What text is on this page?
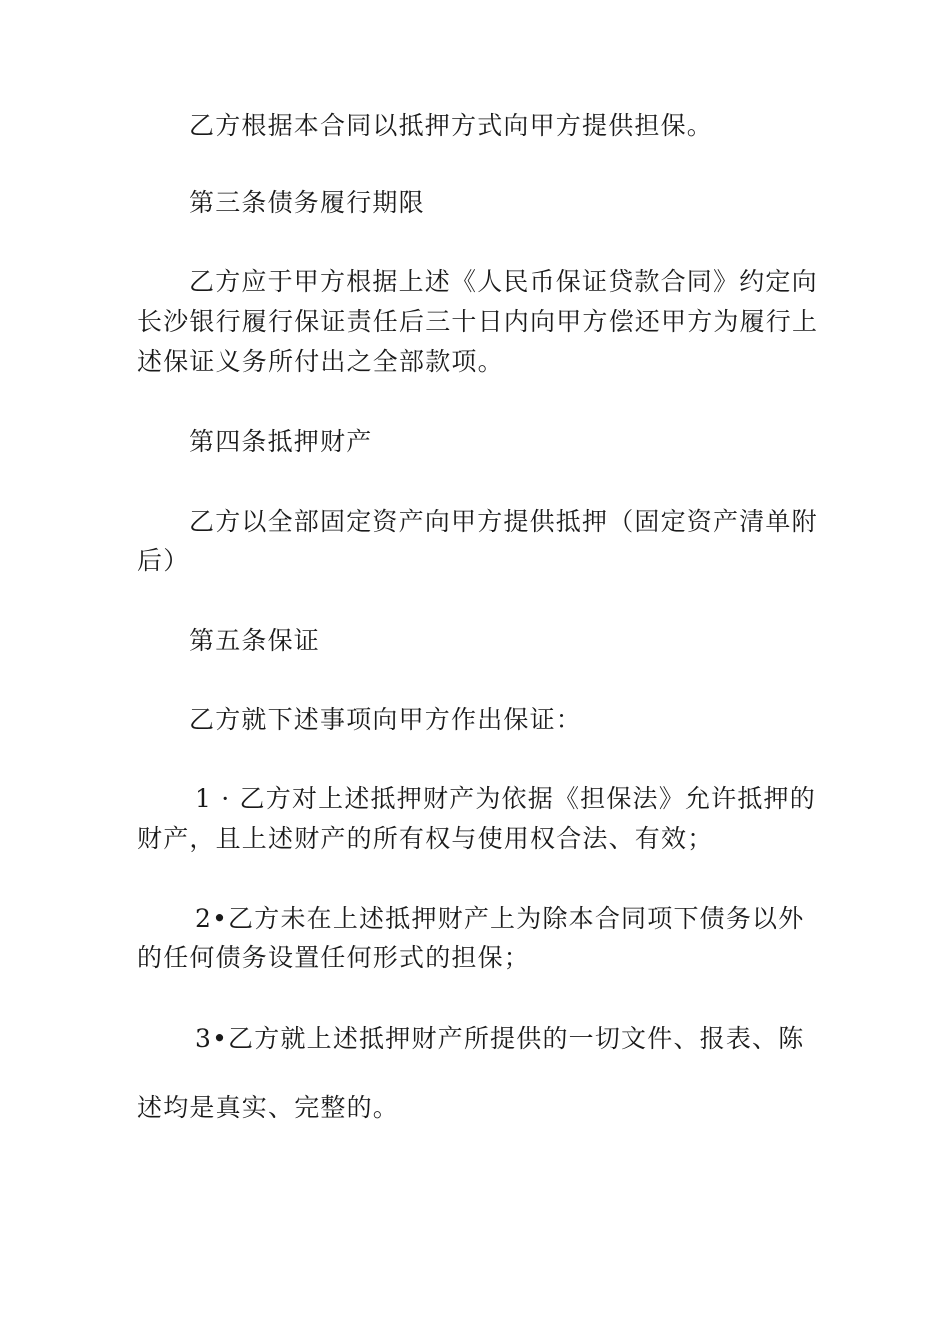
乙方根据本合同以抵押方式向甲方提供担保。
第三条债务履行期限
乙方应于甲方根据上述《人民币保证贷款合同》约定向
长沙银行履行保证责任后三十日内向甲方偿还甲方为履行上
述保证义务所付出之全部款项。
第四条抵押财产
乙方以全部固定资产向甲方提供抵押（固定资产清单附
后）
第五条保证
乙方就下述事项向甲方作出保证：
1 · 乙方对上述抵押财产为依据《担保法》允许抵押的
财产，且上述财产的所有权与使用权合法、有效；
2•乙方未在上述抵押财产上为除本合同项下债务以外
的任何债务设置任何形式的担保；
3•乙方就上述抵押财产所提供的一切文件、报表、陈
述均是真实、完整的。
